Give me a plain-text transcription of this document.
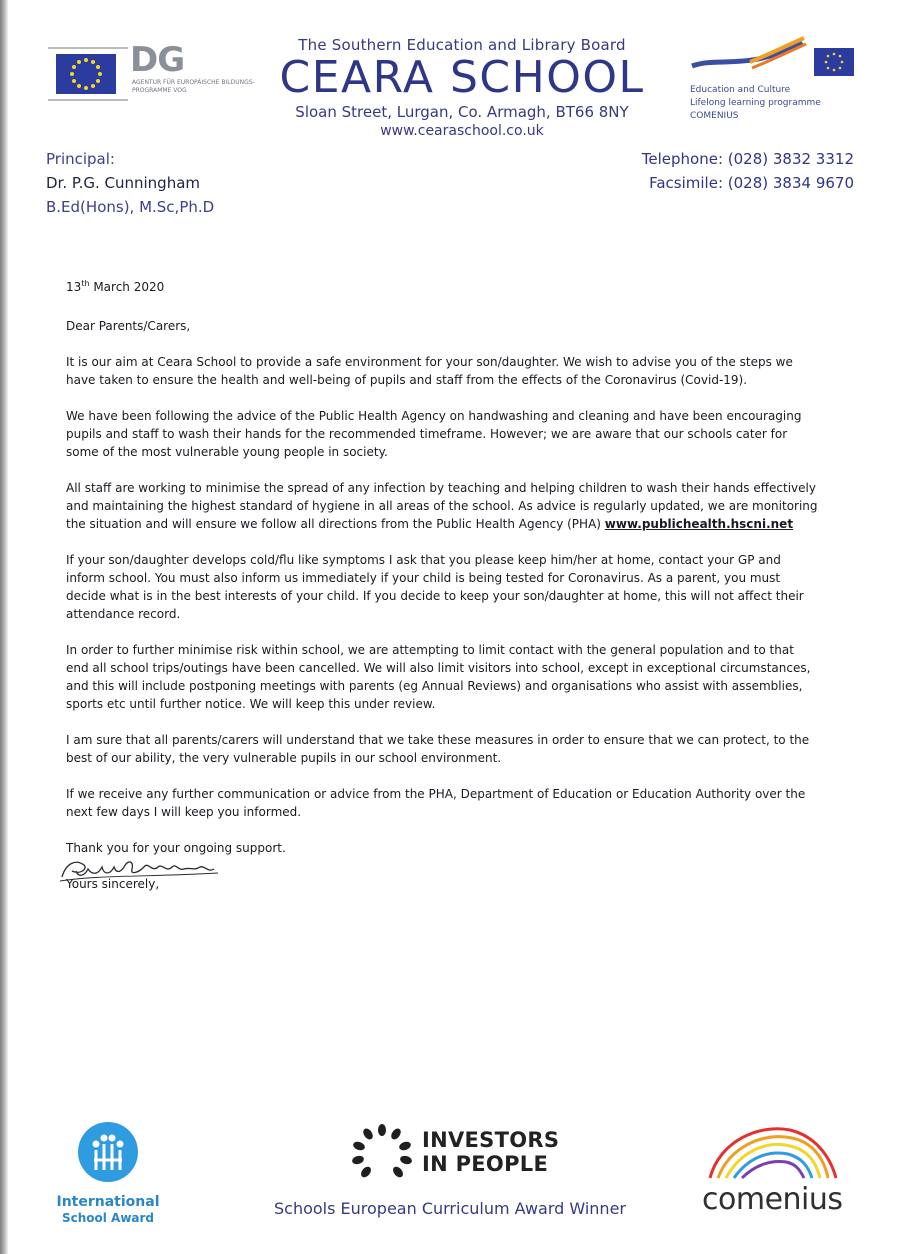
DG
AGENTUR FÜR EUROPÄISCHE BILDUNGS-PROGRAMME VOG
The Southern Education and Library Board
CEARA SCHOOL
Sloan Street, Lurgan, Co. Armagh, BT66 8NY
www.cearaschool.co.uk
Education and Culture
Lifelong learning programme
COMENIUS
Principal:
Dr. P.G. Cunningham
B.Ed(Hons), M.Sc,Ph.D
Telephone: (028) 3832 3312
Facsimile: (028) 3834 9670
13th March 2020
Dear Parents/Carers,

It is our aim at Ceara School to provide a safe environment for your son/daughter. We wish to advise you of the steps we have taken to ensure the health and well-being of pupils and staff from the effects of the Coronavirus (Covid-19).

We have been following the advice of the Public Health Agency on handwashing and cleaning and have been encouraging pupils and staff to wash their hands for the recommended timeframe. However; we are aware that our schools cater for some of the most vulnerable young people in society.

All staff are working to minimise the spread of any infection by teaching and helping children to wash their hands effectively and maintaining the highest standard of hygiene in all areas of the school. As advice is regularly updated, we are monitoring the situation and will ensure we follow all directions from the Public Health Agency (PHA) www.publichealth.hscni.net

If your son/daughter develops cold/flu like symptoms I ask that you please keep him/her at home, contact your GP and inform school. You must also inform us immediately if your child is being tested for Coronavirus. As a parent, you must decide what is in the best interests of your child. If you decide to keep your son/daughter at home, this will not affect their attendance record.

In order to further minimise risk within school, we are attempting to limit contact with the general population and to that end all school trips/outings have been cancelled. We will also limit visitors into school, except in exceptional circumstances, and this will include postponing meetings with parents (eg Annual Reviews) and organisations who assist with assemblies, sports etc until further notice. We will keep this under review.

I am sure that all parents/carers will understand that we take these measures in order to ensure that we can protect, to the best of our ability, the very vulnerable pupils in our school environment.

If we receive any further communication or advice from the PHA, Department of Education or Education Authority over the next few days I will keep you informed.

Thank you for your ongoing support.
Yours sincerely,
International
School Award
INVESTORS
IN PEOPLE
Schools European Curriculum Award Winner	comenius
